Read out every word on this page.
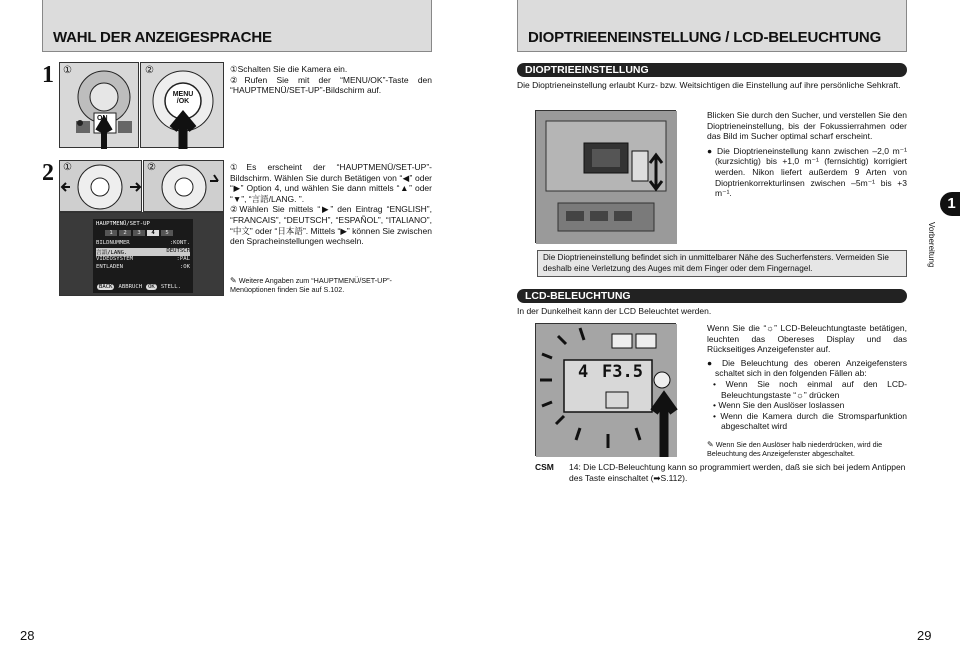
WAHL DER ANZEIGESPRACHE
1 ①
ON
②
MENU
/OK

①Schalten Sie die Kamera ein.

②Rufen Sie mit der “MENU/OK”-Taste den “HAUPTMENÜ/SET-UP”-Bildschirm auf.

2 ①	②
HAUPTMENÜ/SET-UP
1	2	3	4	5
BILDNUMMER	:KONT.
言語/LANG.	DEUTSCH
VIDEOSYSTEM	:PAL
ENTLADEN	:OK
BACK	ABBRUCH	OK	STELL.

①Es erscheint der “HAUPTMENÜ/SET-UP”-Bildschirm. Wählen Sie durch Betätigen von “◀” oder “▶” Option 4, und wählen Sie dann mittels “▲” oder “▼”, “言語/LANG. ”.

②Wählen Sie mittels “▶” den Eintrag “ENGLISH”, “FRANCAIS”, “DEUTSCH”, “ESPAÑOL”, “ITALIANO”, “中文” oder “日本語”. Mittels “▶” können Sie zwischen den Spracheinstellungen wechseln.

✎ Weitere Angaben zum “HAUPTMENÜ/SET-UP”-Menüoptionen finden Sie auf S.102.
28
DIOPTRIEENEINSTELLUNG / LCD-BELEUCHTUNG
DIOPTRIEEINSTELLUNG
Die Dioptrieneinstellung erlaubt Kurz- bzw. Weitsichtigen die Einstellung auf ihre persönliche Sehkraft.

Blicken Sie durch den Sucher, und verstellen Sie den Dioptrieneinstellung, bis der Fokussierrahmen oder das Bild im Sucher optimal scharf erscheint.

● Die Dioptrieneinstellung kann zwischen –2,0 m⁻¹ (kurzsichtig) bis +1,0 m⁻¹ (fernsichtig) korrigiert werden. Nikon liefert außerdem 9 Arten von Dioptrienkorrekturlinsen zwischen –5m⁻¹ bis +3 m⁻¹.

Die Dioptrieneinstellung befindet sich in unmittelbarer Nähe des Sucherfensters. Vermeiden Sie deshalb eine Verletzung des Auges mit dem Finger oder dem Fingernagel.
LCD-BELEUCHTUNG
In der Dunkelheit kann der LCD Beleuchtet werden.
4 F3.5

Wenn Sie die “☼” LCD-Beleuchtungtaste betätigen, leuchten das Obereses Display und das Rückseitiges Anzeigefenster auf.

● Die Beleuchtung des oberen Anzeigefensters schaltet sich in den folgenden Fällen ab:

• Wenn Sie noch einmal auf den LCD-Beleuchtungstaste “☼” drücken

• Wenn Sie den Auslöser loslassen

• Wenn die Kamera durch die Stromsparfunktion abgeschaltet wird

✎ Wenn Sie den Auslöser halb niederdrücken, wird die Beleuchtung des Anzeigefenster abgeschaltet.
CSM	14: Die LCD-Beleuchtung kann so programmiert werden, daß sie sich bei jedem Antippen des Taste einschaltet (➡S.112).
1
Vorbereitung
29
